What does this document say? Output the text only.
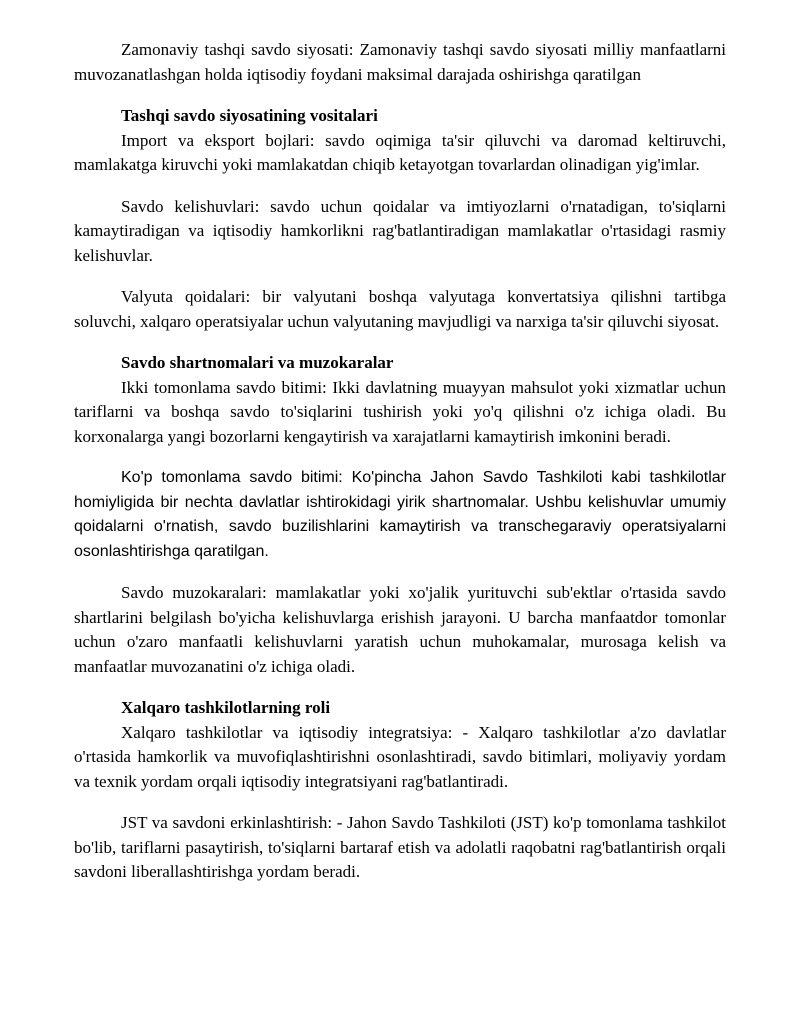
Zamonaviy tashqi savdo siyosati: Zamonaviy tashqi savdo siyosati milliy manfaatlarni muvozanatlashgan holda iqtisodiy foydani maksimal darajada oshirishga qaratilgan

Tashqi savdo siyosatining vositalari

Import va eksport bojlari: savdo oqimiga ta'sir qiluvchi va daromad keltiruvchi, mamlakatga kiruvchi yoki mamlakatdan chiqib ketayotgan tovarlardan olinadigan yig'imlar.

Savdo kelishuvlari: savdo uchun qoidalar va imtiyozlarni o'rnatadigan, to'siqlarni kamaytiradigan va iqtisodiy hamkorlikni rag'batlantiradigan mamlakatlar o'rtasidagi rasmiy kelishuvlar.

Valyuta qoidalari: bir valyutani boshqa valyutaga konvertatsiya qilishni tartibga soluvchi, xalqaro operatsiyalar uchun valyutaning mavjudligi va narxiga ta'sir qiluvchi siyosat.

Savdo shartnomalari va muzokaralar

Ikki tomonlama savdo bitimi: Ikki davlatning muayyan mahsulot yoki xizmatlar uchun tariflarni va boshqa savdo to'siqlarini tushirish yoki yo'q qilishni o'z ichiga oladi. Bu korxonalarga yangi bozorlarni kengaytirish va xarajatlarni kamaytirish imkonini beradi.

Ko'p tomonlama savdo bitimi: Ko'pincha Jahon Savdo Tashkiloti kabi tashkilotlar homiyligida bir nechta davlatlar ishtirokidagi yirik shartnomalar. Ushbu kelishuvlar umumiy qoidalarni o'rnatish, savdo buzilishlarini kamaytirish va transchegaraviy operatsiyalarni osonlashtirishga qaratilgan.

Savdo muzokaralari: mamlakatlar yoki xo'jalik yurituvchi sub'ektlar o'rtasida savdo shartlarini belgilash bo'yicha kelishuvlarga erishish jarayoni. U barcha manfaatdor tomonlar uchun o'zaro manfaatli kelishuvlarni yaratish uchun muhokamalar, murosaga kelish va manfaatlar muvozanatini o'z ichiga oladi.

Xalqaro tashkilotlarning roli

Xalqaro tashkilotlar va iqtisodiy integratsiya: - Xalqaro tashkilotlar a'zo davlatlar o'rtasida hamkorlik va muvofiqlashtirishni osonlashtiradi, savdo bitimlari, moliyaviy yordam va texnik yordam orqali iqtisodiy integratsiyani rag'batlantiradi.

JST va savdoni erkinlashtirish: - Jahon Savdo Tashkiloti (JST) ko'p tomonlama tashkilot bo'lib, tariflarni pasaytirish, to'siqlarni bartaraf etish va adolatli raqobatni rag'batlantirish orqali savdoni liberallashtirishga yordam beradi.
